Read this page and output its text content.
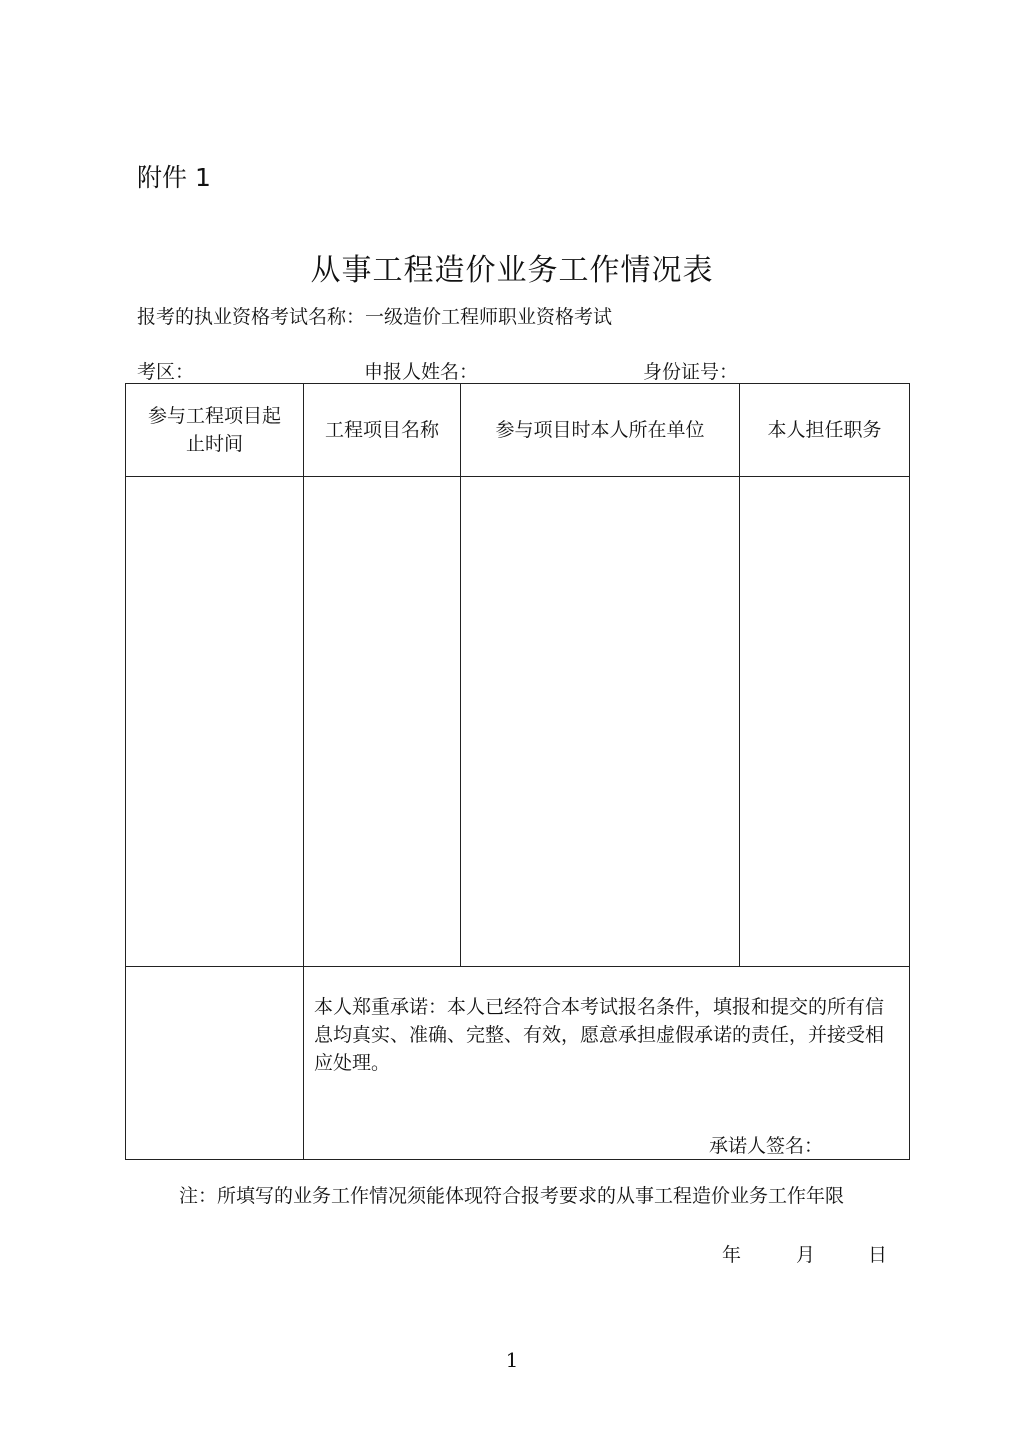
附件 1
从事工程造价业务工作情况表
报考的执业资格考试名称：一级造价工程师职业资格考试
考区：	申报人姓名：	身份证号：
参与工程项目起
止时间	工程项目名称	参与项目时本人所在单位	本人担任职务

	本人郑重承诺：本人已经符合本考试报名条件，填报和提交的所有信息均真实、准确、完整、有效，愿意承担虚假承诺的责任，并接受相应处理。
承诺人签名：		
注：所填写的业务工作情况须能体现符合报考要求的从事工程造价业务工作年限
年	月	日
1
